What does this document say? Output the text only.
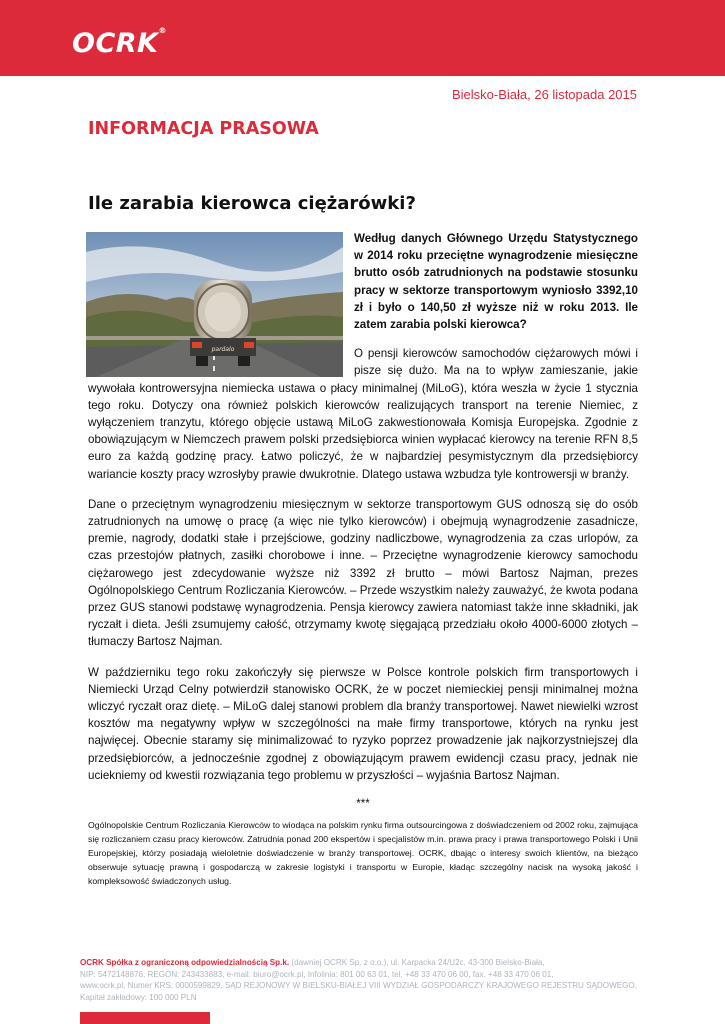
OCRK®
Bielsko-Biała, 26 listopada 2015
INFORMACJA PRASOWA
Ile zarabia kierowca ciężarówki?
pardalo

Według danych Głównego Urzędu Statystycznego w 2014 roku przeciętne wynagrodzenie miesięczne brutto osób zatrudnionych na podstawie stosunku pracy w sektorze transportowym wyniosło 3392,10 zł i było o 140,50 zł wyższe niż w roku 2013. Ile zatem zarabia polski kierowca?

O pensji kierowców samochodów ciężarowych mówi i pisze się dużo. Ma na to wpływ zamieszanie, jakie wywołała kontrowersyjna niemiecka ustawa o płacy minimalnej (MiLoG), która weszła w życie 1 stycznia tego roku. Dotyczy ona również polskich kierowców realizujących transport na terenie Niemiec, z wyłączeniem tranzytu, którego objęcie ustawą MiLoG zakwestionowała Komisja Europejska. Zgodnie z obowiązującym w Niemczech prawem polski przedsiębiorca winien wypłacać kierowcy na terenie RFN 8,5 euro za każdą godzinę pracy. Łatwo policzyć, że w najbardziej pesymistycznym dla przedsiębiorcy wariancie koszty pracy wzrosłyby prawie dwukrotnie. Dlatego ustawa wzbudza tyle kontrowersji w branży.

Dane o przeciętnym wynagrodzeniu miesięcznym w sektorze transportowym GUS odnoszą się do osób zatrudnionych na umowę o pracę (a więc nie tylko kierowców) i obejmują wynagrodzenie zasadnicze, premie, nagrody, dodatki stałe i przejściowe, godziny nadliczbowe, wynagrodzenia za czas urlopów, za czas przestojów płatnych, zasiłki chorobowe i inne. – Przeciętne wynagrodzenie kierowcy samochodu ciężarowego jest zdecydowanie wyższe niż 3392 zł brutto – mówi Bartosz Najman, prezes Ogólnopolskiego Centrum Rozliczania Kierowców. – Przede wszystkim należy zauważyć, że kwota podana przez GUS stanowi podstawę wynagrodzenia. Pensja kierowcy zawiera natomiast także inne składniki, jak ryczałt i dieta. Jeśli zsumujemy całość, otrzymamy kwotę sięgającą przedziału około 4000-6000 złotych – tłumaczy Bartosz Najman.

W październiku tego roku zakończyły się pierwsze w Polsce kontrole polskich firm transportowych i Niemiecki Urząd Celny potwierdził stanowisko OCRK, że w poczet niemieckiej pensji minimalnej można wliczyć ryczałt oraz dietę. – MiLoG dalej stanowi problem dla branży transportowej. Nawet niewielki wzrost kosztów ma negatywny wpływ w szczególności na małe firmy transportowe, których na rynku jest najwięcej. Obecnie staramy się minimalizować to ryzyko poprzez prowadzenie jak najkorzystniejszej dla przedsiębiorców, a jednocześnie zgodnej z obowiązującym prawem ewidencji czasu pracy, jednak nie uciekniemy od kwestii rozwiązania tego problemu w przyszłości – wyjaśnia Bartosz Najman.

***

Ogólnopolskie Centrum Rozliczania Kierowców to wiodąca na polskim rynku firma outsourcingowa z doświadczeniem od 2002 roku, zajmująca się rozliczaniem czasu pracy kierowców. Zatrudnia ponad 200 ekspertów i specjalistów m.in. prawa pracy i prawa transportowego Polski i Unii Europejskiej, którzy posiadają wieloletnie doświadczenie w branży transportowej. OCRK, dbając o interesy swoich klientów, na bieżąco obserwuje sytuację prawną i gospodarczą w zakresie logistyki i transportu w Europie, kładąc szczególny nacisk na wysoką jakość i kompleksowość świadczonych usług.

OCRK Spółka z ograniczoną odpowiedzialnością Sp.k. (dawniej OCRK Sp. z o.o.), ul. Karpacka 24/U2c, 43-300 Bielsko-Biała,
NIP: 5472148876, REGON: 243433883, e-mail: biuro@ocrk.pl, Infolinia: 801 00 63 01, tel. +48 33 470 06 00, fax. +48 33 470 06 01,
www.ocrk.pl, Numer KRS: 0000599829, SĄD REJONOWY W BIELSKU-BIAŁEJ VIII WYDZIAŁ GOSPODARCZY KRAJOWEGO REJESTRU SĄDOWEGO,
Kapitał zakładowy: 100 000 PLN
